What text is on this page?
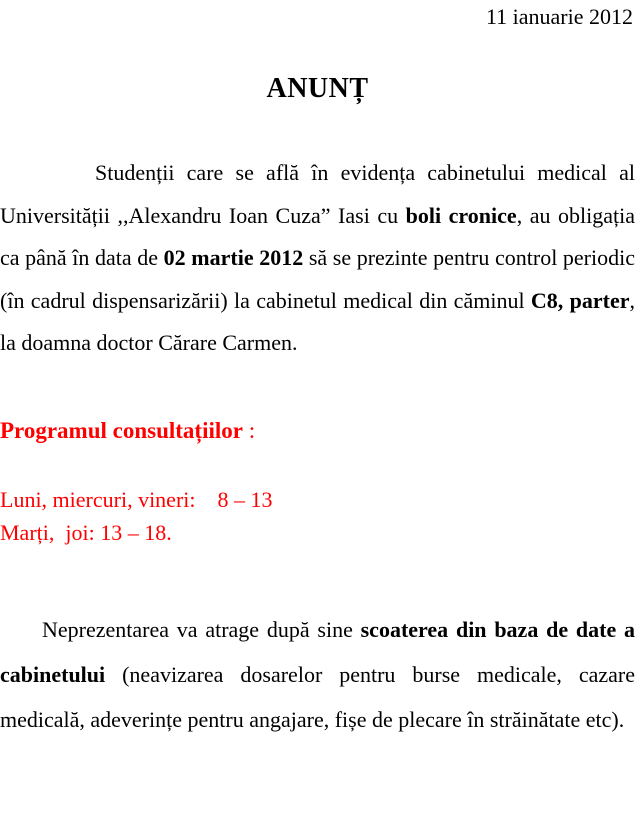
11 ianuarie 2012
ANUNȚ

Studenții care se află în evidența cabinetului medical al Universității ,,Alexandru Ioan Cuza” Iasi cu boli cronice, au obligația ca până în data de 02 martie 2012 să se prezinte pentru control periodic (în cadrul dispensarizării) la cabinetul medical din căminul C8, parter, la doamna doctor Cărare Carmen.

Programul consultațiilor :

Luni, miercuri, vineri:    8 – 13
Marți,  joi: 13 – 18.

Neprezentarea va atrage după sine scoaterea din baza de date a cabinetului (neavizarea dosarelor pentru burse medicale, cazare medicală, adeverințe pentru angajare, fișe de plecare în străinătate etc).
